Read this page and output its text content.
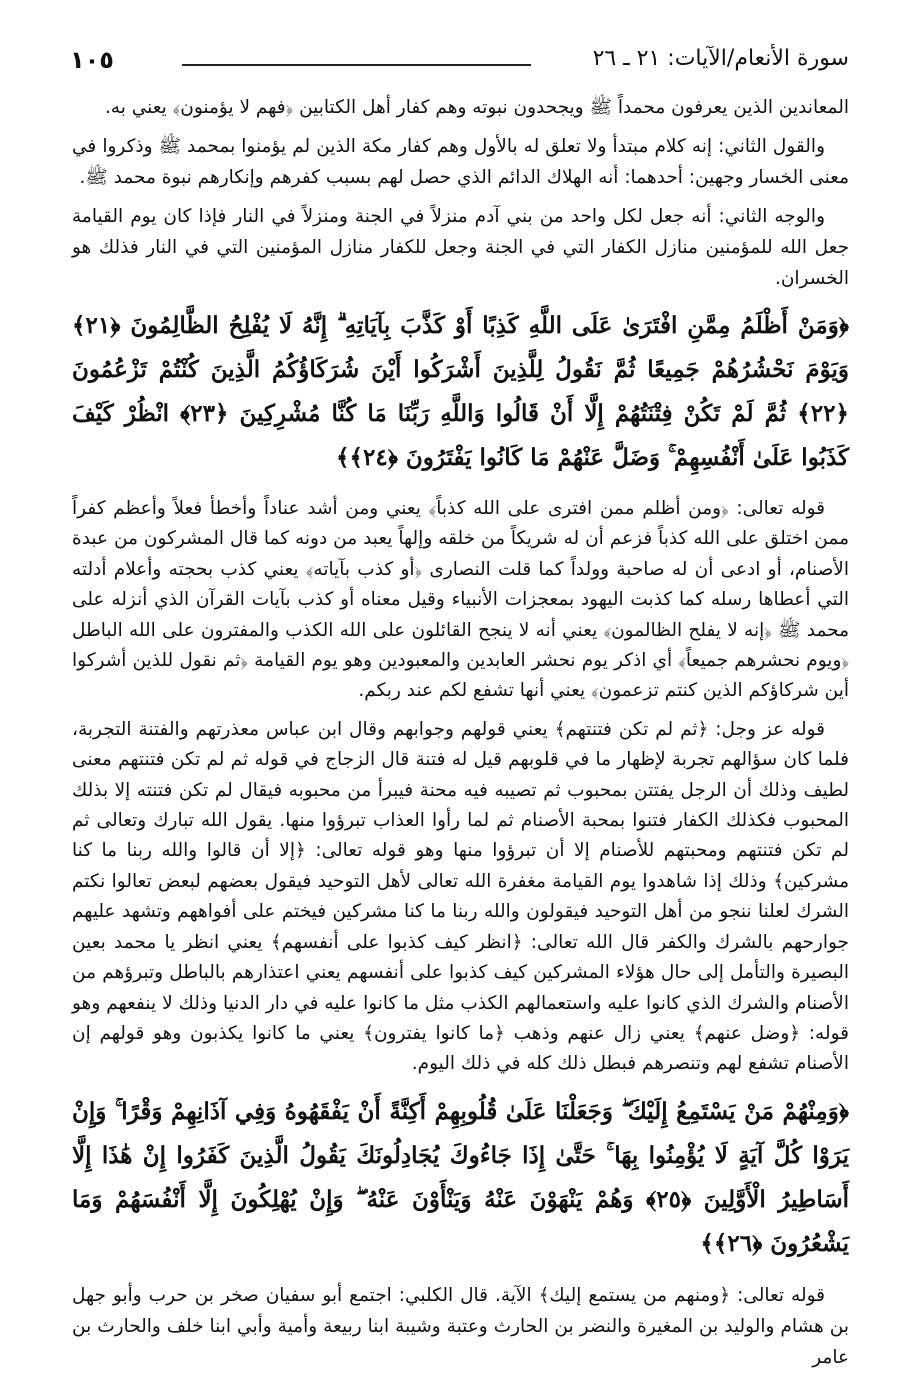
سورة الأنعام/الآيات: ٢١ ـ ٢٦
١٠٥

المعاندين الذين يعرفون محمداً ﷺ ويجحدون نبوته وهم كفار أهل الكتابين ﴿فهم لا يؤمنون﴾ يعني به.

والقول الثاني: إنه كلام مبتدأ ولا تعلق له بالأول وهم كفار مكة الذين لم يؤمنوا بمحمد ﷺ وذكروا في معنى الخسار وجهين: أحدهما: أنه الهلاك الدائم الذي حصل لهم بسبب كفرهم وإنكارهم نبوة محمد ﷺ.

والوجه الثاني: أنه جعل لكل واحد من بني آدم منزلاً في الجنة ومنزلاً في النار فإذا كان يوم القيامة جعل الله للمؤمنين منازل الكفار التي في الجنة وجعل للكفار منازل المؤمنين التي في النار فذلك هو الخسران.

﴿وَمَنْ أَظْلَمُ مِمَّنِ افْتَرَىٰ عَلَى اللَّهِ كَذِبًا أَوْ كَذَّبَ بِآيَاتِهِ ۗ إِنَّهُ لَا يُفْلِحُ الظَّالِمُونَ ﴿٢١﴾ وَيَوْمَ نَحْشُرُهُمْ جَمِيعًا ثُمَّ نَقُولُ لِلَّذِينَ أَشْرَكُوا أَيْنَ شُرَكَاؤُكُمُ الَّذِينَ كُنْتُمْ تَزْعُمُونَ ﴿٢٢﴾ ثُمَّ لَمْ تَكُنْ فِتْنَتُهُمْ إِلَّا أَنْ قَالُوا وَاللَّهِ رَبِّنَا مَا كُنَّا مُشْرِكِينَ ﴿٢٣﴾ انْظُرْ كَيْفَ كَذَبُوا عَلَىٰ أَنْفُسِهِمْ ۚ وَضَلَّ عَنْهُمْ مَا كَانُوا يَفْتَرُونَ ﴿٢٤﴾﴾

قوله تعالى: ﴿ومن أظلم ممن افترى على الله كذباً﴾ يعني ومن أشد عناداً وأخطأ فعلاً وأعظم كفراً ممن اختلق على الله كذباً فزعم أن له شريكاً من خلقه وإلهاً يعبد من دونه كما قال المشركون من عبدة الأصنام، أو ادعى أن له صاحبة وولداً كما قلت النصارى ﴿أو كذب بآياته﴾ يعني كذب بحجته وأعلام أدلته التي أعطاها رسله كما كذبت اليهود بمعجزات الأنبياء وقيل معناه أو كذب بآيات القرآن الذي أنزله على محمد ﷺ ﴿إنه لا يفلح الظالمون﴾ يعني أنه لا ينجح القائلون على الله الكذب والمفترون على الله الباطل ﴿ويوم نحشرهم جميعاً﴾ أي اذكر يوم نحشر العابدين والمعبودين وهو يوم القيامة ﴿ثم نقول للذين أشركوا أين شركاؤكم الذين كنتم تزعمون﴾ يعني أنها تشفع لكم عند ربكم.

قوله عز وجل: ﴿ثم لم تكن فتنتهم﴾ يعني قولهم وجوابهم وقال ابن عباس معذرتهم والفتنة التجربة، فلما كان سؤالهم تجربة لإظهار ما في قلوبهم قيل له فتنة قال الزجاج في قوله ثم لم تكن فتنتهم معنى لطيف وذلك أن الرجل يفتتن بمحبوب ثم تصيبه فيه محنة فيبرأ من محبوبه فيقال لم تكن فتنته إلا بذلك المحبوب فكذلك الكفار فتنوا بمحبة الأصنام ثم لما رأوا العذاب تبرؤوا منها. يقول الله تبارك وتعالى ثم لم تكن فتنتهم ومحبتهم للأصنام إلا أن تبرؤوا منها وهو قوله تعالى: ﴿إلا أن قالوا والله ربنا ما كنا مشركين﴾ وذلك إذا شاهدوا يوم القيامة مغفرة الله تعالى لأهل التوحيد فيقول بعضهم لبعض تعالوا نكتم الشرك لعلنا ننجو من أهل التوحيد فيقولون والله ربنا ما كنا مشركين فيختم على أفواههم وتشهد عليهم جوارحهم بالشرك والكفر قال الله تعالى: ﴿انظر كيف كذبوا على أنفسهم﴾ يعني انظر يا محمد بعين البصيرة والتأمل إلى حال هؤلاء المشركين كيف كذبوا على أنفسهم يعني اعتذارهم بالباطل وتبرؤهم من الأصنام والشرك الذي كانوا عليه واستعمالهم الكذب مثل ما كانوا عليه في دار الدنيا وذلك لا ينفعهم وهو قوله: ﴿وضل عنهم﴾ يعني زال عنهم وذهب ﴿ما كانوا يفترون﴾ يعني ما كانوا يكذبون وهو قولهم إن الأصنام تشفع لهم وتنصرهم فبطل ذلك كله في ذلك اليوم.

﴿وَمِنْهُمْ مَنْ يَسْتَمِعُ إِلَيْكَ ۖ وَجَعَلْنَا عَلَىٰ قُلُوبِهِمْ أَكِنَّةً أَنْ يَفْقَهُوهُ وَفِي آذَانِهِمْ وَقْرًا ۚ وَإِنْ يَرَوْا كُلَّ آيَةٍ لَا يُؤْمِنُوا بِهَا ۚ حَتَّىٰ إِذَا جَاءُوكَ يُجَادِلُونَكَ يَقُولُ الَّذِينَ كَفَرُوا إِنْ هَٰذَا إِلَّا أَسَاطِيرُ الْأَوَّلِينَ ﴿٢٥﴾ وَهُمْ يَنْهَوْنَ عَنْهُ وَيَنْأَوْنَ عَنْهُ ۖ وَإِنْ يُهْلِكُونَ إِلَّا أَنْفُسَهُمْ وَمَا يَشْعُرُونَ ﴿٢٦﴾﴾

قوله تعالى: ﴿ومنهم من يستمع إليك﴾ الآية. قال الكلبي: اجتمع أبو سفيان صخر بن حرب وأبو جهل بن هشام والوليد بن المغيرة والنضر بن الحارث وعتبة وشيبة ابنا ربيعة وأمية وأبي ابنا خلف والحارث بن عامر
